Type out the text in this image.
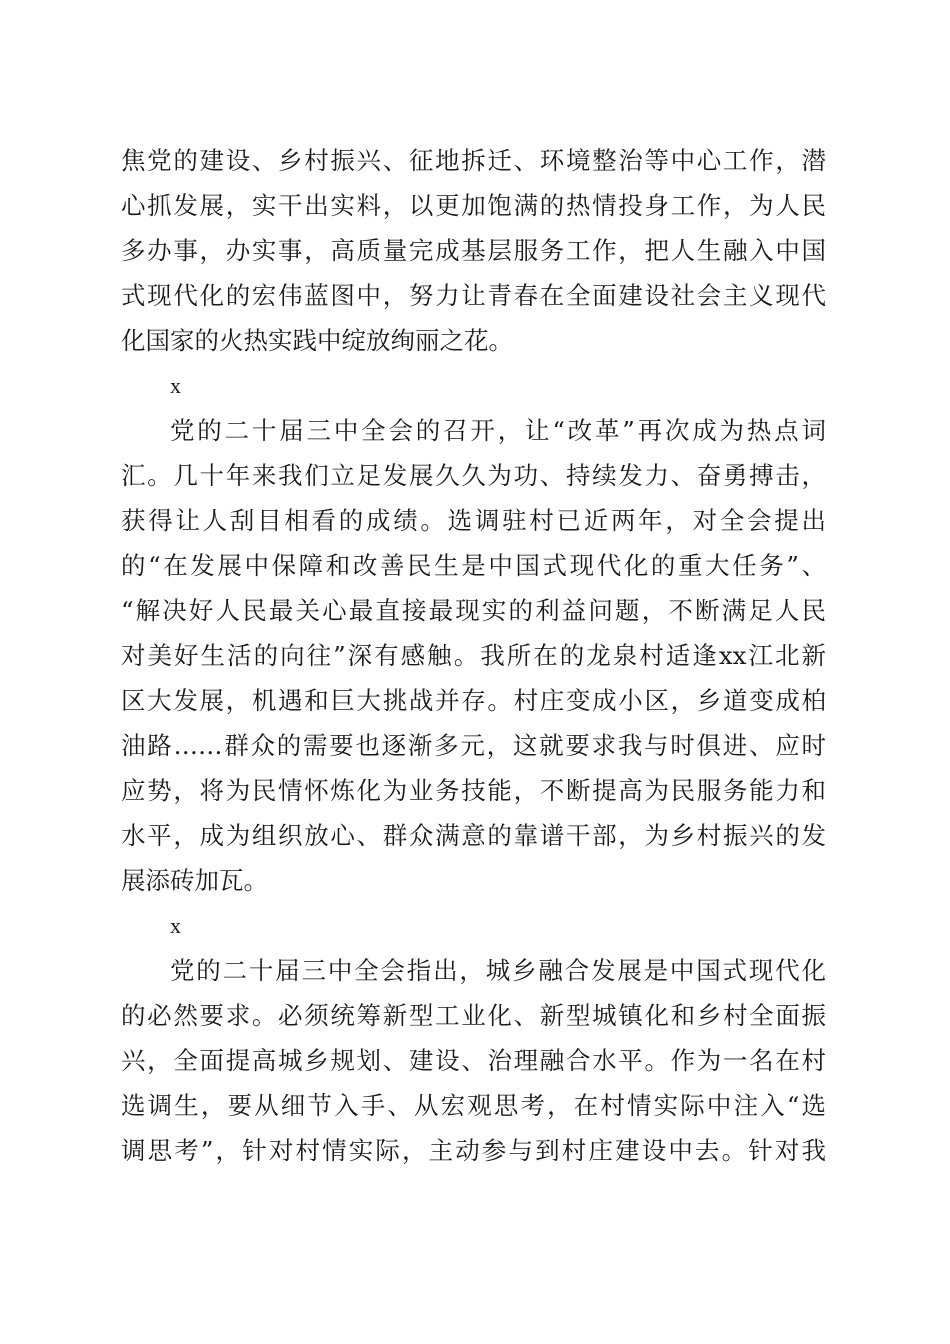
焦党的建设、乡村振兴、征地拆迁、环境整治等中心工作，潜
心抓发展，实干出实料，以更加饱满的热情投身工作，为人民
多办事，办实事，高质量完成基层服务工作，把人生融入中国
式现代化的宏伟蓝图中，努力让青春在全面建设社会主义现代
化国家的火热实践中绽放绚丽之花。
x
党的二十届三中全会的召开，让“改革”再次成为热点词
汇。几十年来我们立足发展久久为功、持续发力、奋勇搏击，
获得让人刮目相看的成绩。选调驻村已近两年，对全会提出
的“在发展中保障和改善民生是中国式现代化的重大任务”、
“解决好人民最关心最直接最现实的利益问题，不断满足人民
对美好生活的向往”深有感触。我所在的龙泉村适逢xx江北新
区大发展，机遇和巨大挑战并存。村庄变成小区，乡道变成柏
油路……群众的需要也逐渐多元，这就要求我与时俱进、应时
应势，将为民情怀炼化为业务技能，不断提高为民服务能力和
水平，成为组织放心、群众满意的靠谱干部，为乡村振兴的发
展添砖加瓦。
x
党的二十届三中全会指出，城乡融合发展是中国式现代化
的必然要求。必须统筹新型工业化、新型城镇化和乡村全面振
兴，全面提高城乡规划、建设、治理融合水平。作为一名在村
选调生，要从细节入手、从宏观思考，在村情实际中注入“选
调思考”，针对村情实际，主动参与到村庄建设中去。针对我
